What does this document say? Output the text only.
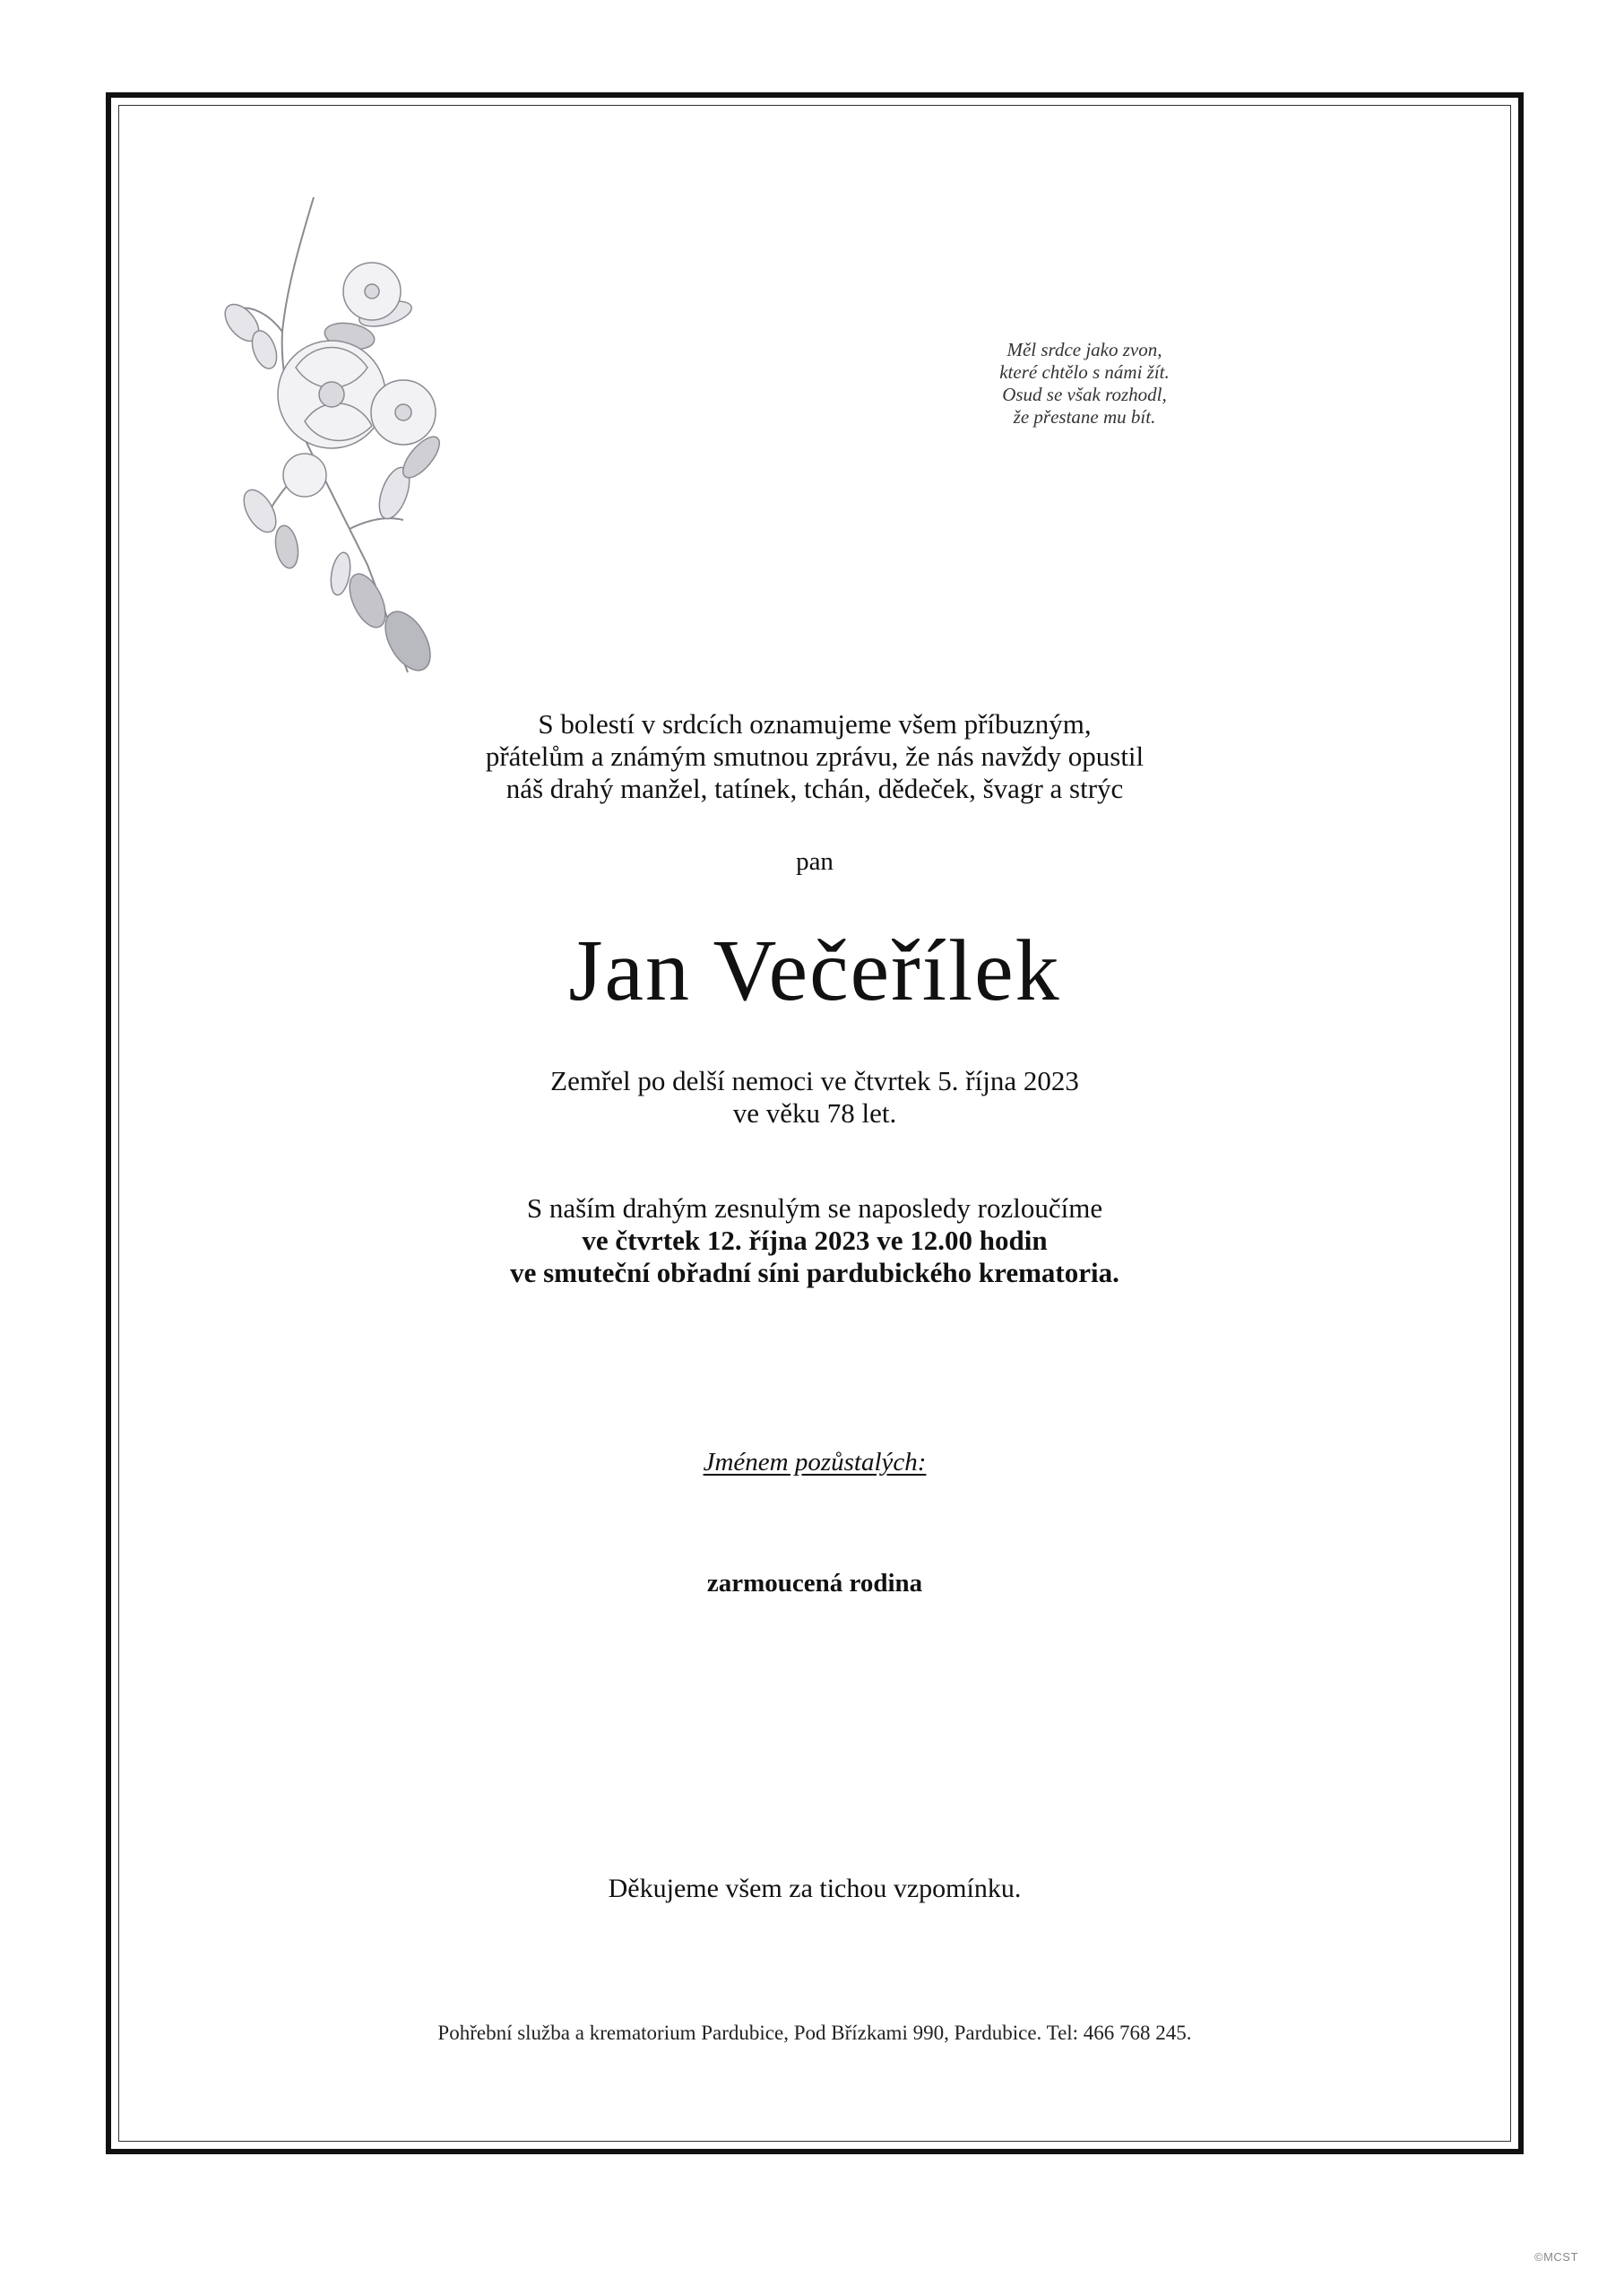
Měl srdce jako zvon,
které chtělo s námi žít.
Osud se však rozhodl,
že přestane mu bít.
S bolestí v srdcích oznamujeme všem příbuzným,
přátelům a známým smutnou zprávu, že nás navždy opustil
náš drahý manžel, tatínek, tchán, dědeček, švagr a strýc
pan
Jan Večeřílek
Zemřel po delší nemoci ve čtvrtek 5. října 2023
ve věku 78 let.
S naším drahým zesnulým se naposledy rozloučíme
ve čtvrtek 12. října 2023 ve 12.00 hodin
ve smuteční obřadní síni pardubického krematoria.
Jménem pozůstalých:
zarmoucená rodina
Děkujeme všem za tichou vzpomínku.
Pohřební služba a krematorium Pardubice, Pod Břízkami 990, Pardubice. Tel: 466 768 245.
©MCST
